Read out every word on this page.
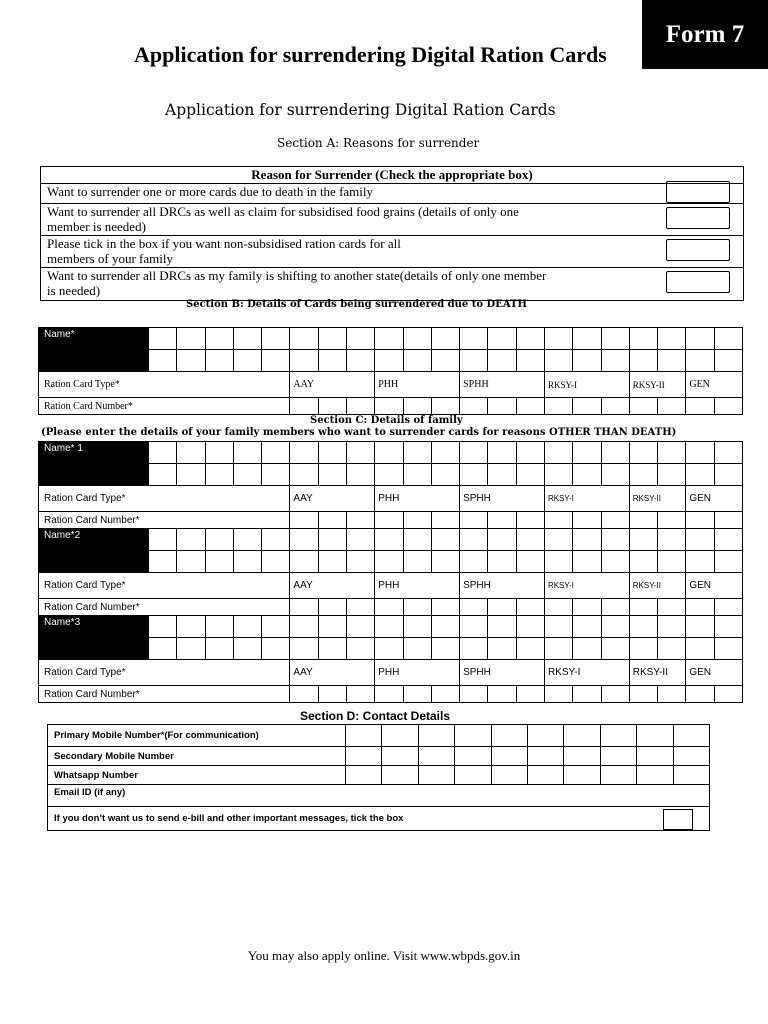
Form 7
Application for surrendering Digital Ration Cards
Application for surrendering Digital Ration Cards
Section A: Reasons for surrender
Reason for Surrender (Check the appropriate box)
Want to surrender one or more cards due to death in the family
Want to surrender all DRCs as well as claim for subsidised food grains (details of only one member is needed)
Please tick in the box if you want non-subsidised ration cards for all members of your family
Want to surrender all DRCs as my family is shifting to another state(details of only one member is needed)
Section B: Details of Cards being surrendered due to DEATH
Name*																					

Ration Card Type*						AAY			PHH			SPHH			RKSY-I			RKSY-II		GEN	
Ration Card Number*																					
Section C: Details of family
(Please enter the details of your family members who want to surrender cards for reasons OTHER THAN DEATH)
Name* 1																					

Ration Card Type*						AAY			PHH			SPHH			RKSY-I			RKSY-II		GEN	
Ration Card Number*																					
Name*2																					

Ration Card Type*						AAY			PHH			SPHH			RKSY-I			RKSY-II		GEN	
Ration Card Number*																					
Name*3																					

Ration Card Type*						AAY			PHH			SPHH			RKSY-I			RKSY-II		GEN	
Ration Card Number*																					
Section D: Contact Details
Primary Mobile Number*(For communication)										
Secondary Mobile Number										
Whatsapp Number										
Email ID (if any)										
If you don’t want us to send e-bill and other important messages, tick the box										
You may also apply online. Visit www.wbpds.gov.in
